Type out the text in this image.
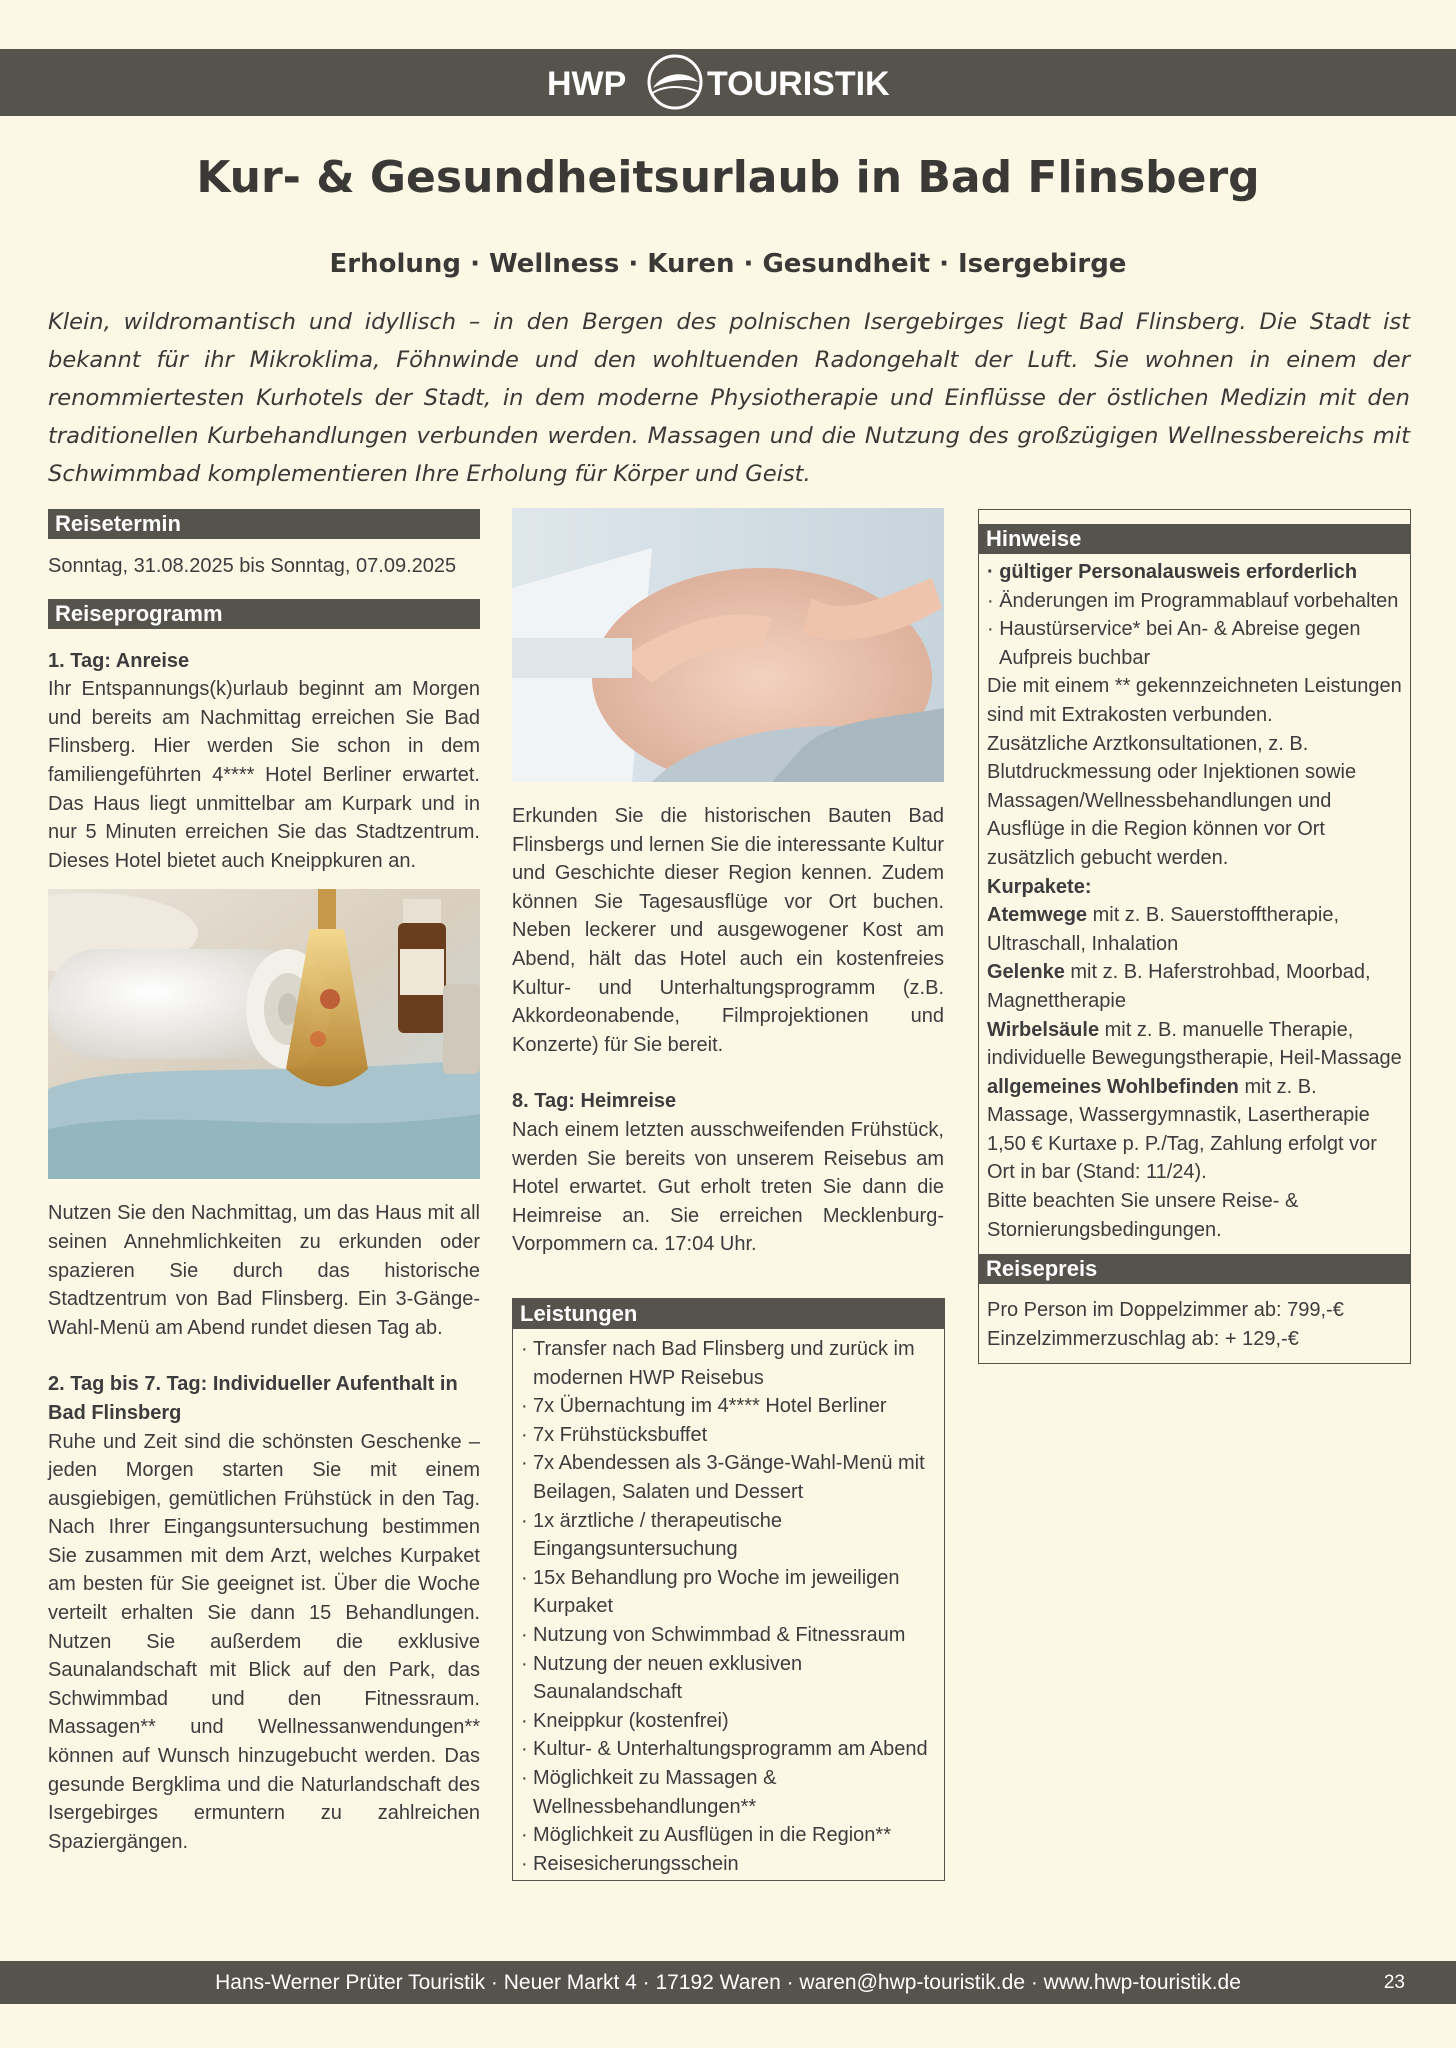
HWP TOURISTIK
Kur- & Gesundheitsurlaub in Bad Flinsberg
Erholung · Wellness · Kuren · Gesundheit · Isergebirge

Klein, wildromantisch und idyllisch – in den Bergen des polnischen Isergebirges liegt Bad Flinsberg. Die Stadt ist bekannt für ihr Mikroklima, Föhnwinde und den wohltuenden Radongehalt der Luft. Sie wohnen in einem der renommiertesten Kurhotels der Stadt, in dem moderne Physiotherapie und Einflüsse der östlichen Medizin mit den traditionellen Kurbehandlungen verbunden werden. Massagen und die Nutzung des großzügigen Wellnessbereichs mit Schwimmbad komplementieren Ihre Erholung für Körper und Geist.

Reisetermin

Sonntag, 31.08.2025 bis Sonntag, 07.09.2025

Reiseprogramm

1. Tag: Anreise

Ihr Entspannungs(k)urlaub beginnt am Morgen und bereits am Nachmittag erreichen Sie Bad Flinsberg. Hier werden Sie schon in dem familiengeführten 4**** Hotel Berliner erwartet. Das Haus liegt unmittelbar am Kurpark und in nur 5 Minuten erreichen Sie das Stadtzentrum. Dieses Hotel bietet auch Kneippkuren an.

Nutzen Sie den Nachmittag, um das Haus mit all seinen Annehmlichkeiten zu erkunden oder spazieren Sie durch das historische Stadtzentrum von Bad Flinsberg. Ein 3-Gänge-Wahl-Menü am Abend rundet diesen Tag ab.

2. Tag bis 7. Tag: Individueller Aufenthalt in Bad Flinsberg

Ruhe und Zeit sind die schönsten Geschenke – jeden Morgen starten Sie mit einem ausgiebigen, gemütlichen Frühstück in den Tag. Nach Ihrer Eingangsuntersuchung bestimmen Sie zusammen mit dem Arzt, welches Kurpaket am besten für Sie geeignet ist. Über die Woche verteilt erhalten Sie dann 15 Behandlungen. Nutzen Sie außerdem die exklusive Saunalandschaft mit Blick auf den Park, das Schwimmbad und den Fitnessraum. Massagen** und Wellnessanwendungen** können auf Wunsch hinzugebucht werden. Das gesunde Bergklima und die Naturlandschaft des Isergebirges ermuntern zu zahlreichen Spaziergängen.

Erkunden Sie die historischen Bauten Bad Flinsbergs und lernen Sie die interessante Kultur und Geschichte dieser Region kennen. Zudem können Sie Tagesausflüge vor Ort buchen. Neben leckerer und ausgewogener Kost am Abend, hält das Hotel auch ein kostenfreies Kultur- und Unterhaltungsprogramm (z.B. Akkordeonabende, Filmprojektionen und Konzerte) für Sie bereit.

8. Tag: Heimreise

Nach einem letzten ausschweifenden Frühstück, werden Sie bereits von unserem Reisebus am Hotel erwartet. Gut erholt treten Sie dann die Heimreise an. Sie erreichen Mecklenburg-Vorpommern ca. 17:04 Uhr.

Leistungen
· Transfer nach Bad Flinsberg und zurück im modernen HWP Reisebus
· 7x Übernachtung im 4**** Hotel Berliner
· 7x Frühstücksbuffet
· 7x Abendessen als 3-Gänge-Wahl-Menü mit Beilagen, Salaten und Dessert
· 1x ärztliche / therapeutische Eingangsuntersuchung
· 15x Behandlung pro Woche im jeweiligen Kurpaket
· Nutzung von Schwimmbad & Fitnessraum
· Nutzung der neuen exklusiven Saunalandschaft
· Kneippkur (kostenfrei)
· Kultur- & Unterhaltungsprogramm am Abend
· Möglichkeit zu Massagen & Wellnessbehandlungen**
· Möglichkeit zu Ausflügen in die Region**
· Reisesicherungsschein
Hinweise

· gültiger Personalausweis erforderlich

· Änderungen im Programmablauf vorbehalten

· Haustürservice* bei An- & Abreise gegen Aufpreis buchbar

Die mit einem ** gekennzeichneten Leistungen sind mit Extrakosten verbunden.

Zusätzliche Arztkonsultationen, z. B. Blutdruckmessung oder Injektionen sowie Massagen/Wellnessbehandlungen und Ausflüge in die Region können vor Ort zusätzlich gebucht werden.

Kurpakete:

Atemwege mit z. B. Sauerstofftherapie, Ultraschall, Inhalation

Gelenke mit z. B. Haferstrohbad, Moorbad, Magnettherapie

Wirbelsäule mit z. B. manuelle Therapie, individuelle Bewegungstherapie, Heil-Massage

allgemeines Wohlbefinden mit z. B. Massage, Wassergymnastik, Lasertherapie

1,50 € Kurtaxe p. P./Tag, Zahlung erfolgt vor Ort in bar (Stand: 11/24).

Bitte beachten Sie unsere Reise- & Stornierungsbedingungen.

Reisepreis

Pro Person im Doppelzimmer ab: 799,-€

Einzelzimmerzuschlag ab: + 129,-€

Hans-Werner Prüter Touristik · Neuer Markt 4 · 17192 Waren · waren@hwp-touristik.de · www.hwp-touristik.de	23
